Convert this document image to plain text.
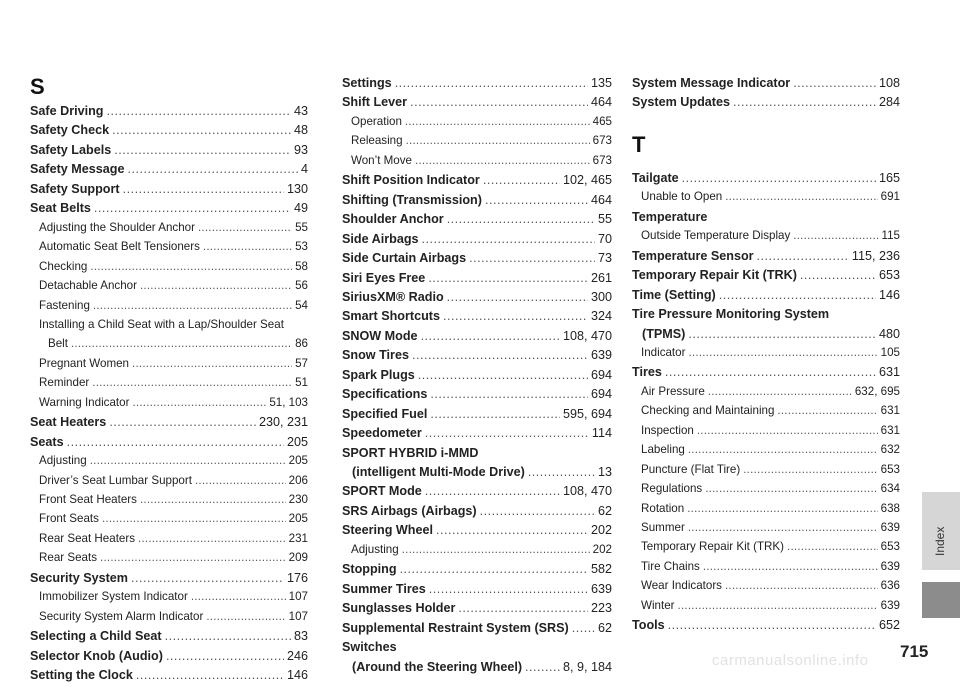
S
Safe Driving . . .	43
Safety Check . . .	48
Safety Labels . . .	93
Safety Message . . .	4
Safety Support . . .	130
Seat Belts . . .	49
Adjusting the Shoulder Anchor . . .	55
Automatic Seat Belt Tensioners . . .	53
Checking . . .	58
Detachable Anchor . . .	56
Fastening . . .	54
Installing a Child Seat with a Lap/Shoulder Seat
Belt . . .	86
Pregnant Women . . .	57
Reminder . . .	51
Warning Indicator . . .	51, 103
Seat Heaters . . .	230, 231
Seats . . .	205
Adjusting . . .	205
Driver’s Seat Lumbar Support . . .	206
Front Seat Heaters . . .	230
Front Seats . . .	205
Rear Seat Heaters . . .	231
Rear Seats . . .	209
Security System . . .	176
Immobilizer System Indicator . . .	107
Security System Alarm Indicator . . .	107
Selecting a Child Seat . . .	83
Selector Knob (Audio) . . .	246
Setting the Clock . . .	146
Settings . . .	135
Shift Lever . . .	464
Operation . . .	465
Releasing . . .	673
Won’t Move . . .	673
Shift Position Indicator . . .	102, 465
Shifting (Transmission) . . .	464
Shoulder Anchor . . .	55
Side Airbags . . .	70
Side Curtain Airbags . . .	73
Siri Eyes Free . . .	261
SiriusXM® Radio . . .	300
Smart Shortcuts . . .	324
SNOW Mode . . .	108, 470
Snow Tires . . .	639
Spark Plugs . . .	694
Specifications . . .	694
Specified Fuel . . .	595, 694
Speedometer . . .	114
SPORT HYBRID i-MMD
(intelligent Multi-Mode Drive) . . .	13
SPORT Mode . . .	108, 470
SRS Airbags (Airbags) . . .	62
Steering Wheel . . .	202
Adjusting . . .	202
Stopping . . .	582
Summer Tires . . .	639
Sunglasses Holder . . .	223
Supplemental Restraint System (SRS) . . . 62
Switches
(Around the Steering Wheel) . . .	8, 9, 184
T
System Message Indicator . . .	108
System Updates . . .	284
Tailgate . . .	165
Unable to Open . . .	691
Temperature
Outside Temperature Display . . .	115
Temperature Sensor . . .	115, 236
Temporary Repair Kit (TRK) . . .	653
Time (Setting) . . .	146
Tire Pressure Monitoring System
(TPMS) . . .	480
Indicator . . .	105
Tires . . .	631
Air Pressure . . .	632, 695
Checking and Maintaining . . .	631
Inspection . . .	631
Labeling . . .	632
Puncture (Flat Tire) . . .	653
Regulations . . .	634
Rotation . . .	638
Summer . . .	639
Temporary Repair Kit (TRK) . . .	653
Tire Chains . . .	639
Wear Indicators . . .	636
Winter . . .	639
Tools . . .	652
Index
715
carmanualsonline.info
